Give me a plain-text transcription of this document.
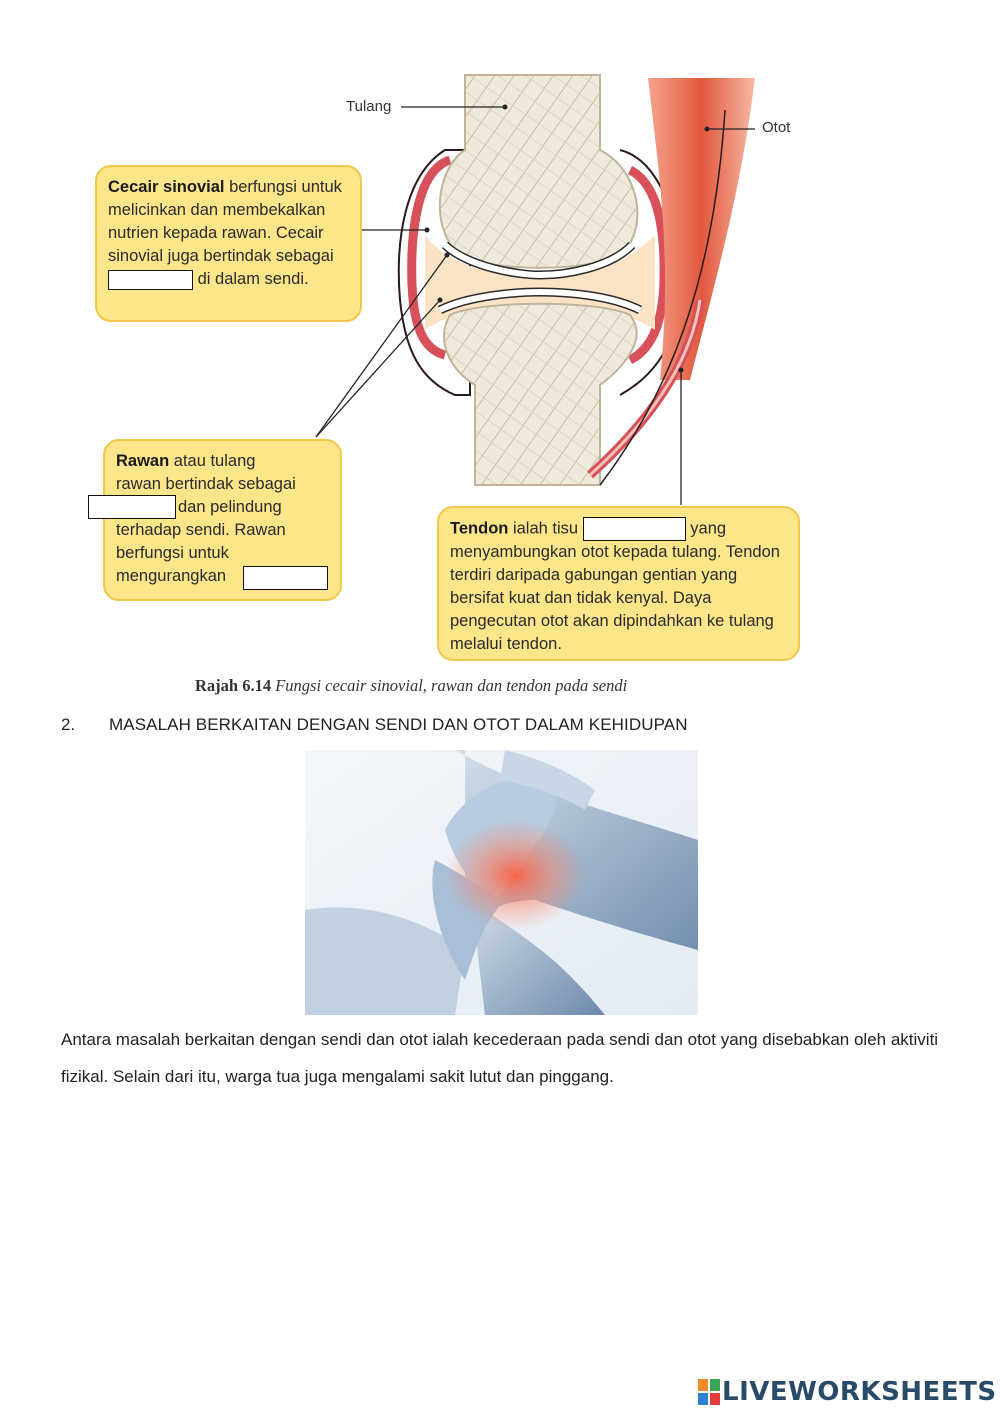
Tulang
Otot
Cecair sinovial berfungsi untuk melicinkan dan membekalkan nutrien kepada rawan. Cecair sinovial juga bertindak sebagai  di dalam sendi.
Rawan atau tulang
rawan bertindak sebagai
dan pelindung
terhadap sendi. Rawan
berfungsi untuk
mengurangkan
Tendon ialah tisu	yang
menyambungkan otot kepada tulang. Tendon terdiri daripada gabungan gentian yang bersifat kuat dan tidak kenyal. Daya pengecutan otot akan dipindahkan ke tulang melalui tendon.
Rajah 6.14 Fungsi cecair sinovial, rawan dan tendon pada sendi
2. MASALAH BERKAITAN DENGAN SENDI DAN OTOT DALAM KEHIDUPAN
Antara masalah berkaitan dengan sendi dan otot ialah kecederaan pada sendi dan otot yang disebabkan oleh aktiviti fizikal. Selain dari itu, warga tua juga mengalami sakit lutut dan pinggang.
LIVEWORKSHEETS
